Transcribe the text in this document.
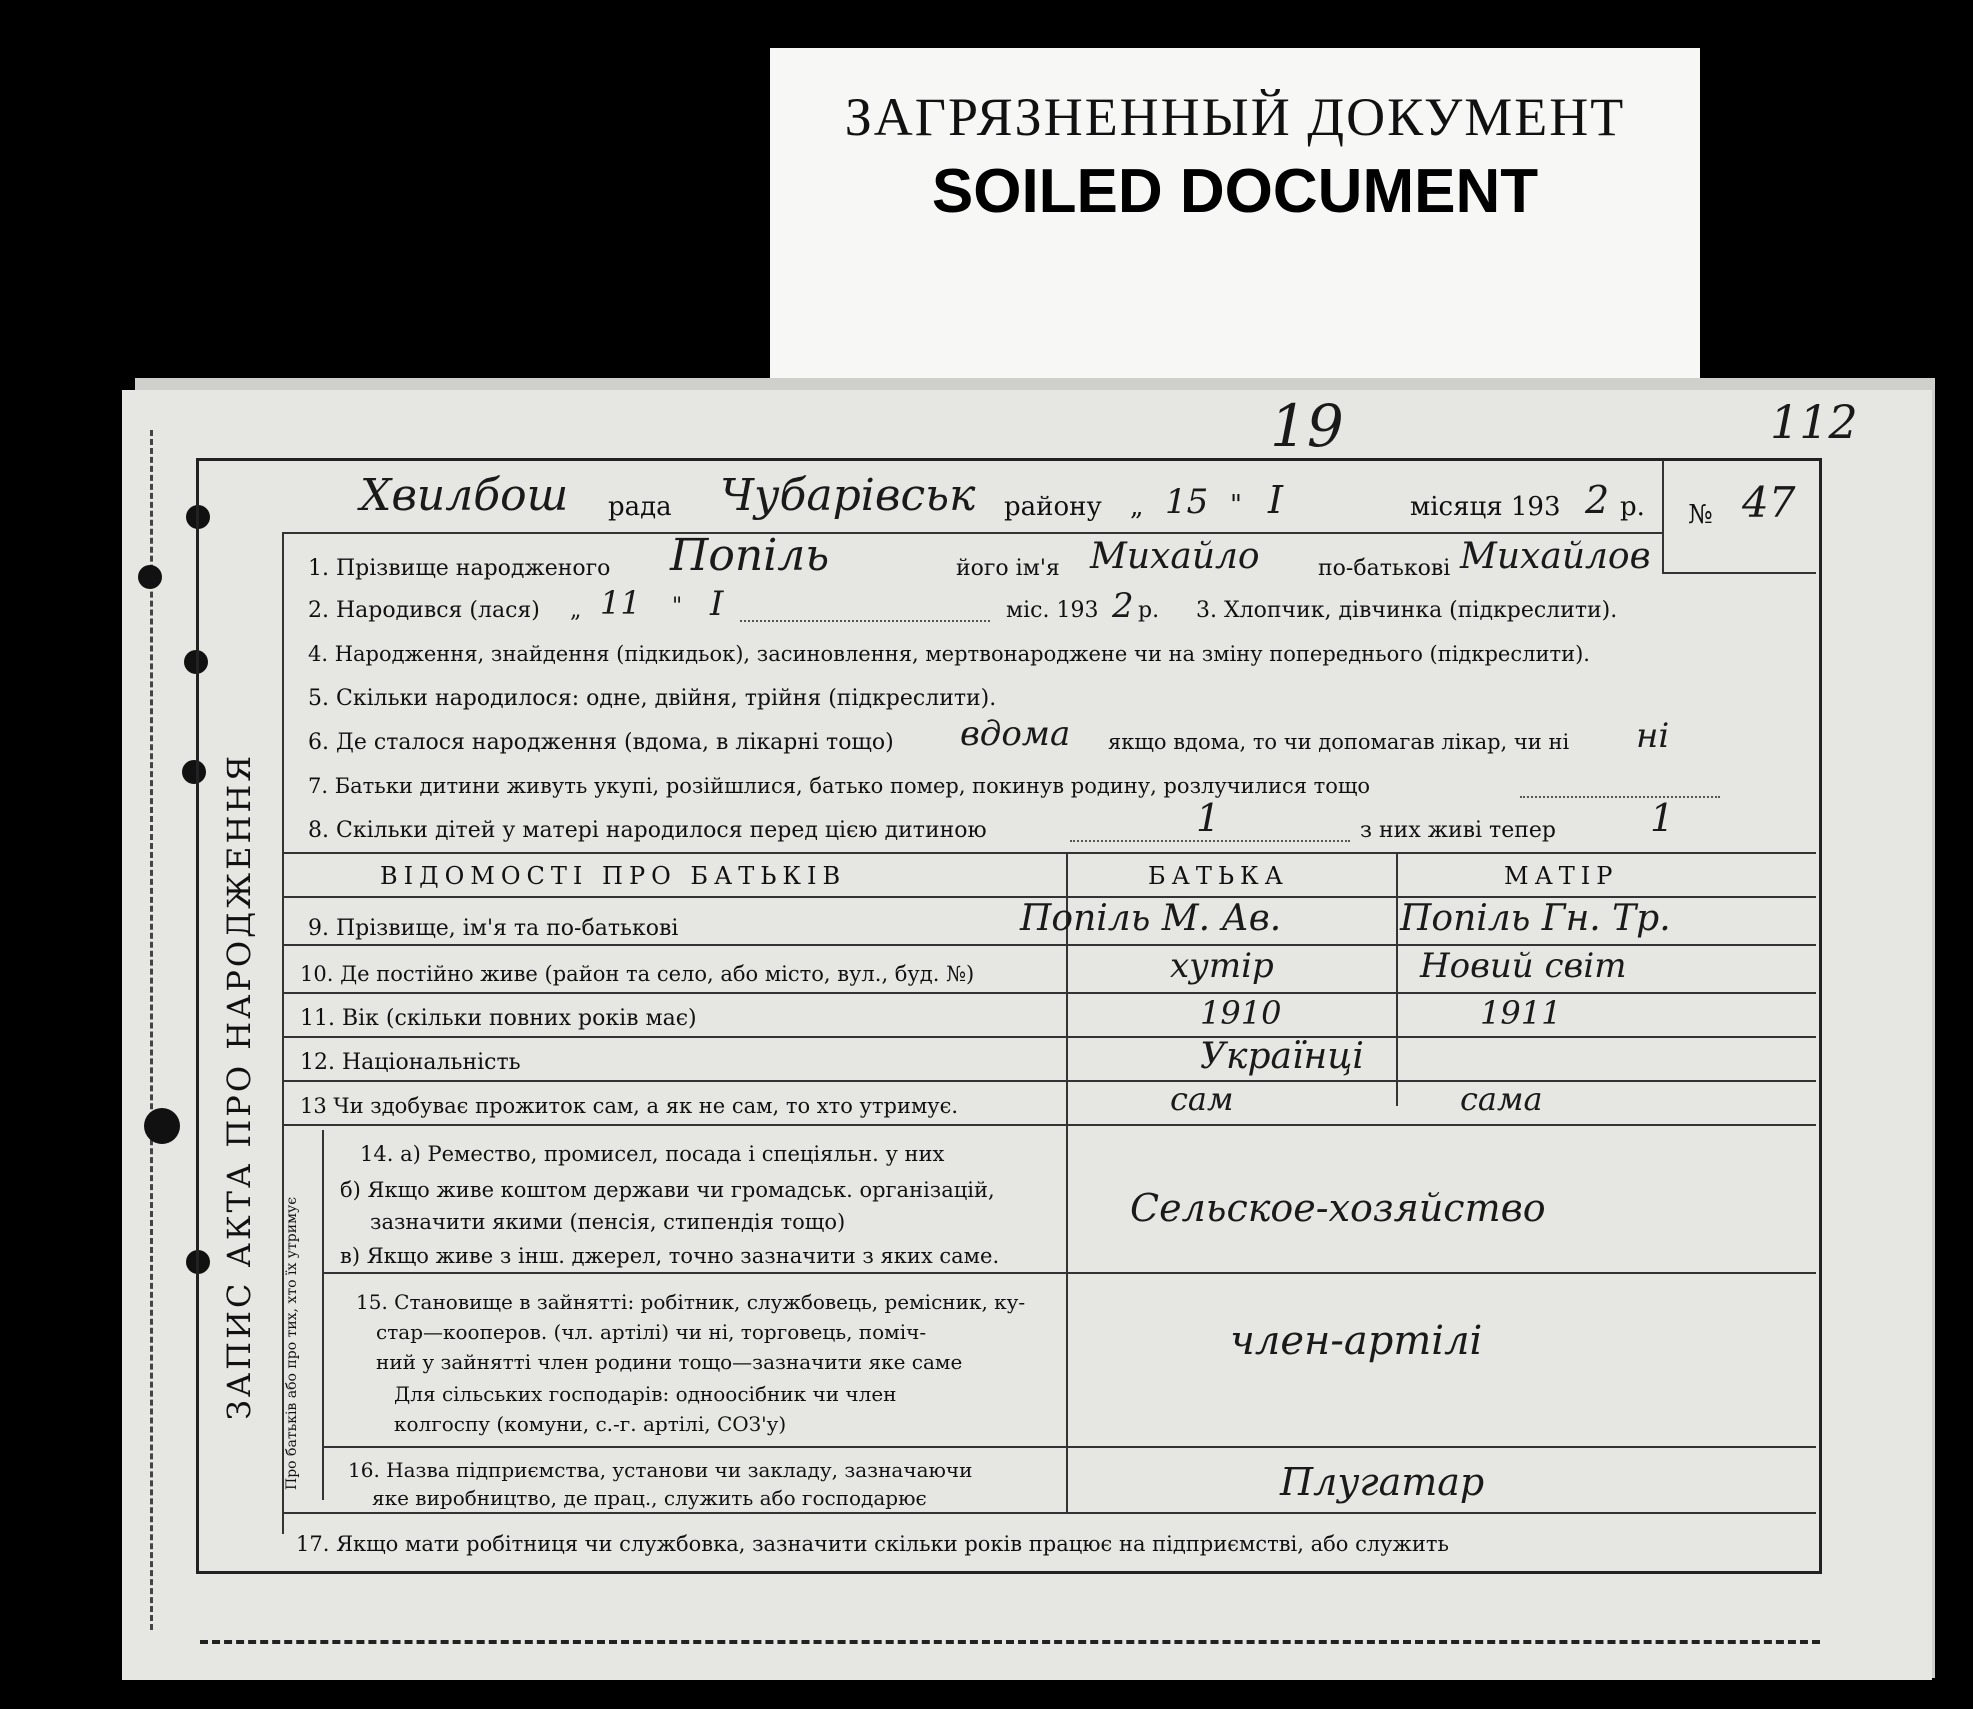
ЗАГРЯЗНЕННЫЙ ДОКУМЕНТ
SOILED DOCUMENT
19	112
ЗАПИС АКТА ПРО НАРОДЖЕННЯ Про батьків або про тих, хто їх утримує
Хвилбош рада Чубарівськ району „ 15 " I	місяця 193 2 р. № 47
1. Прізвище народженого Попіль	його ім'я Михайло	по-батькові Михайлов
2. Народився (лася) „ 11 " I	міс. 193 2 р. 3. Хлопчик, дівчинка (підкреслити).
4. Народження, знайдення (підкидьок), засиновлення, мертвонароджене чи на зміну попереднього (підкреслити).
5. Скільки народилося: одне, двійня, трійня (підкреслити).
6. Де сталося народження (вдома, в лікарні тощо) вдома якщо вдома, то чи допомагав лікар, чи ні ні
7. Батьки дитини живуть укупі, розійшлися, батько помер, покинув родину, розлучилися тощо
8. Скільки дітей у матері народилося перед цією дитиною	1	з них живі тепер 1
ВІДОМОСТІ ПРО БАТЬКІВ	БАТЬКА	МАТІР
9. Прізвище, ім'я та по-батькові	Попіль М. Ав.	Попіль Гн. Тр.
10. Де постійно живе (район та село, або місто, вул., буд. №)	хутір	Новий світ
11. Вік (скільки повних років має)	1910	1911
12. Національність	Українці
13 Чи здобуває прожиток сам, а як не сам, то хто утримує.	сам	сама
14. а) Ремество, промисел, посада і спеціяльн. у них
б) Якщо живе коштом держави чи громадськ. організацій,
зазначити якими (пенсія, стипендія тощо)
в) Якщо живе з інш. джерел, точно зазначити з яких саме.
Сельское-хозяйство
15. Становище в зайнятті: робітник, службовець, ремісник, ку-
стар—кооперов. (чл. артілі) чи ні, торговець, поміч-
ний у зайнятті член родини тощо—зазначити яке саме
Для сільських господарів: одноосібник чи член
колгоспу (комуни, с.-г. артілі, СОЗ'у)
член-артілі
16. Назва підприємства, установи чи закладу, зазначаючи
яке виробництво, де прац., служить або господарює	Плугатар
17. Якщо мати робітниця чи службовка, зазначити скільки років працює на підприємстві, або служить
